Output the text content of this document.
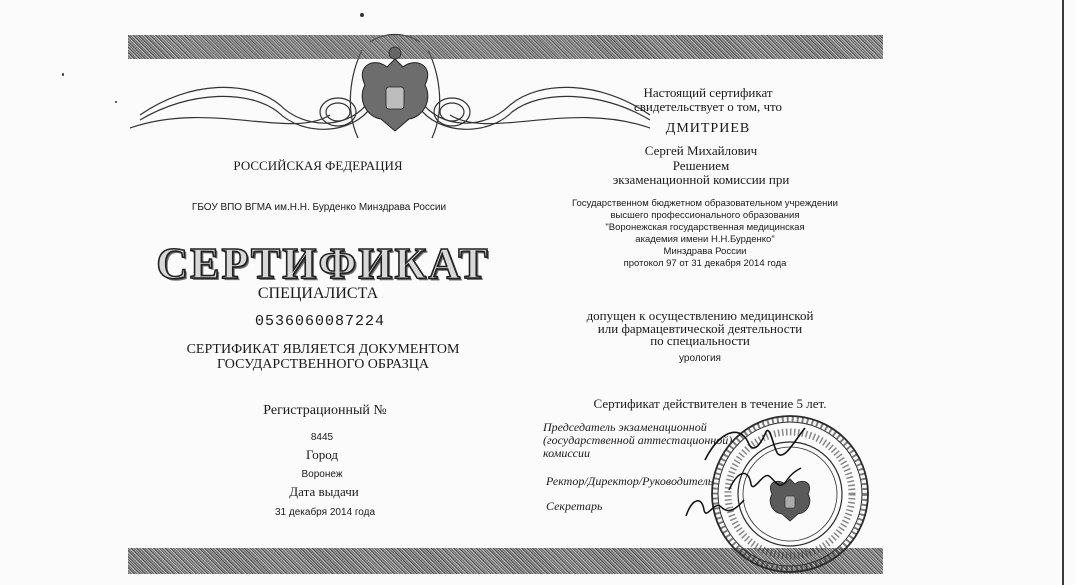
РОССИЙСКАЯ ФЕДЕРАЦИЯ
ГБОУ ВПО ВГМА им.Н.Н. Бурденко Минздрава России
СЕРТИФИКАТ
СПЕЦИАЛИСТА
0536060087224
СЕРТИФИКАТ ЯВЛЯЕТСЯ ДОКУМЕНТОМ
ГОСУДАРСТВЕННОГО ОБРАЗЦА
Регистрационный №
8445
Город
Воронеж
Дата выдачи
31 декабря 2014 года
Настоящий сертификат
свидетельствует о том, что
ДМИТРИЕВ
Сергей Михайлович
Решением
экзаменационной комиссии при
Государственном бюджетном образовательном учреждении
высшего профессионального образования
"Воронежская государственная медицинская
академия имени Н.Н.Бурденко"
Минздрава России
протокол 97 от 31 декабря 2014 года
допущен к осуществлению медицинской
или фармацевтической деятельности
по специальности
урология
Сертификат действителен в течение 5 лет.
Председатель экзаменационной
(государственной аттестационной)
комиссии
Ректор/Директор/Руководитель
Секретарь
